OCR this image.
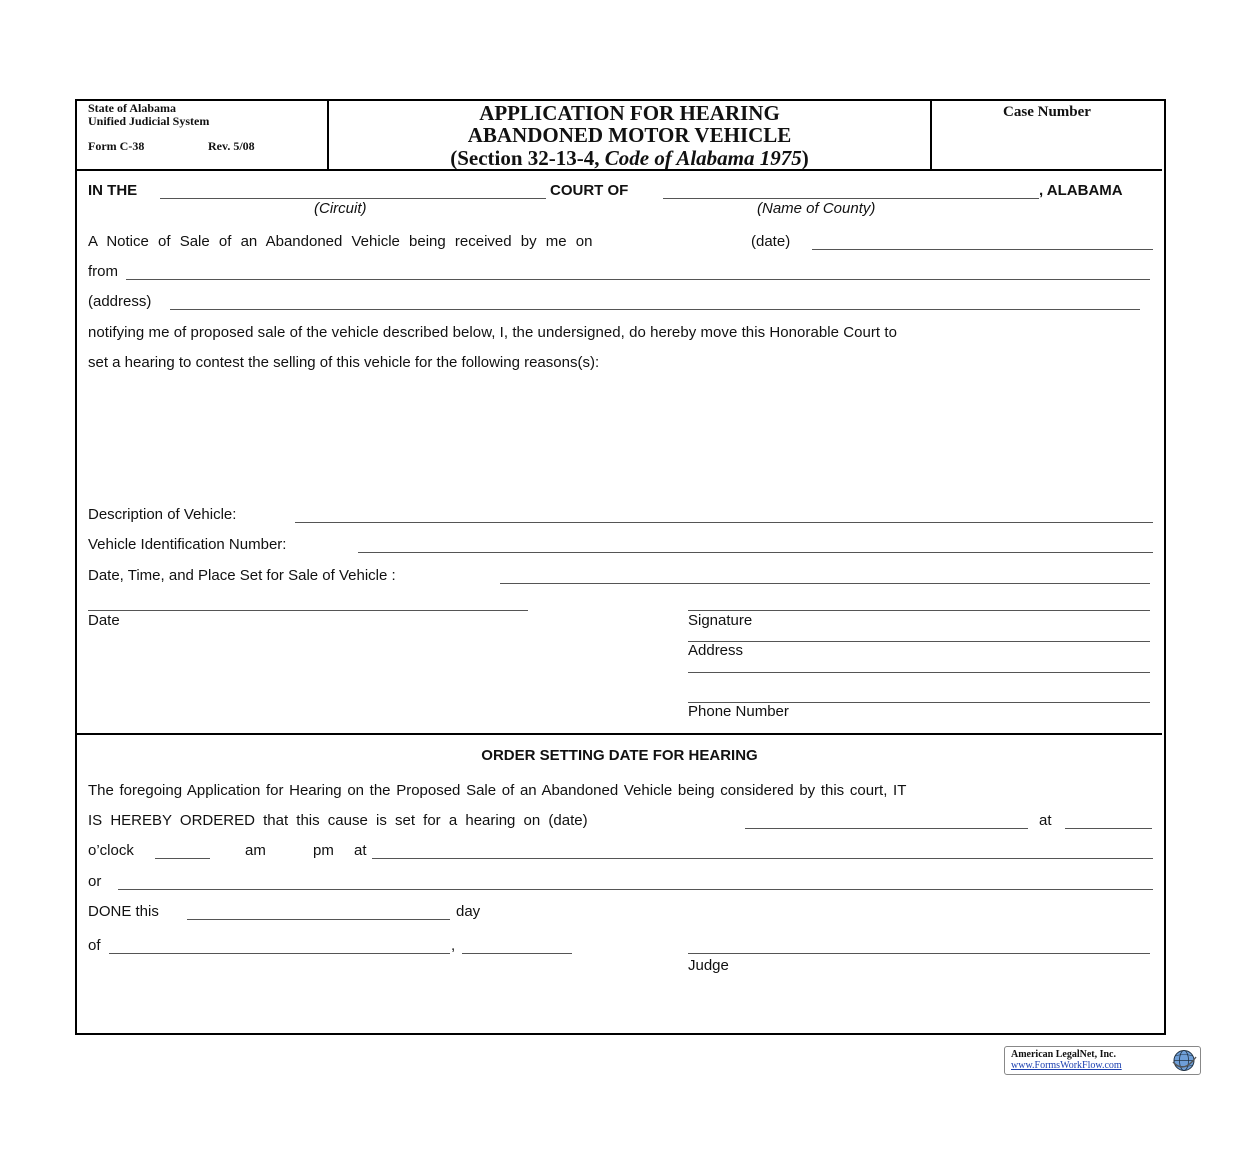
State of Alabama
Unified Judicial System
Form C-38	Rev. 5/08
APPLICATION FOR HEARING
ABANDONED MOTOR VEHICLE
(Section 32-13-4, Code of Alabama 1975)
Case Number
IN THE	COURT OF	, ALABAMA
(Circuit)	(Name of County)
A Notice of Sale of an Abandoned Vehicle being received by me on	(date)
from
(address)
notifying me of proposed sale of the vehicle described below, I, the undersigned, do hereby move this Honorable Court to
set a hearing to contest the selling of this vehicle for the following reasons(s):
Description of Vehicle:
Vehicle Identification Number:
Date, Time, and Place Set for Sale of Vehicle :
Date	Signature
Address
Phone Number
ORDER SETTING DATE FOR HEARING
The foregoing Application for Hearing on the Proposed Sale of an Abandoned Vehicle being considered by this court, IT
IS HEREBY ORDERED that this cause is set for a hearing on (date)	at
o’clock	am	pm at
or
DONE this	day
of	,
Judge
American LegalNet, Inc.
www.FormsWorkFlow.com
